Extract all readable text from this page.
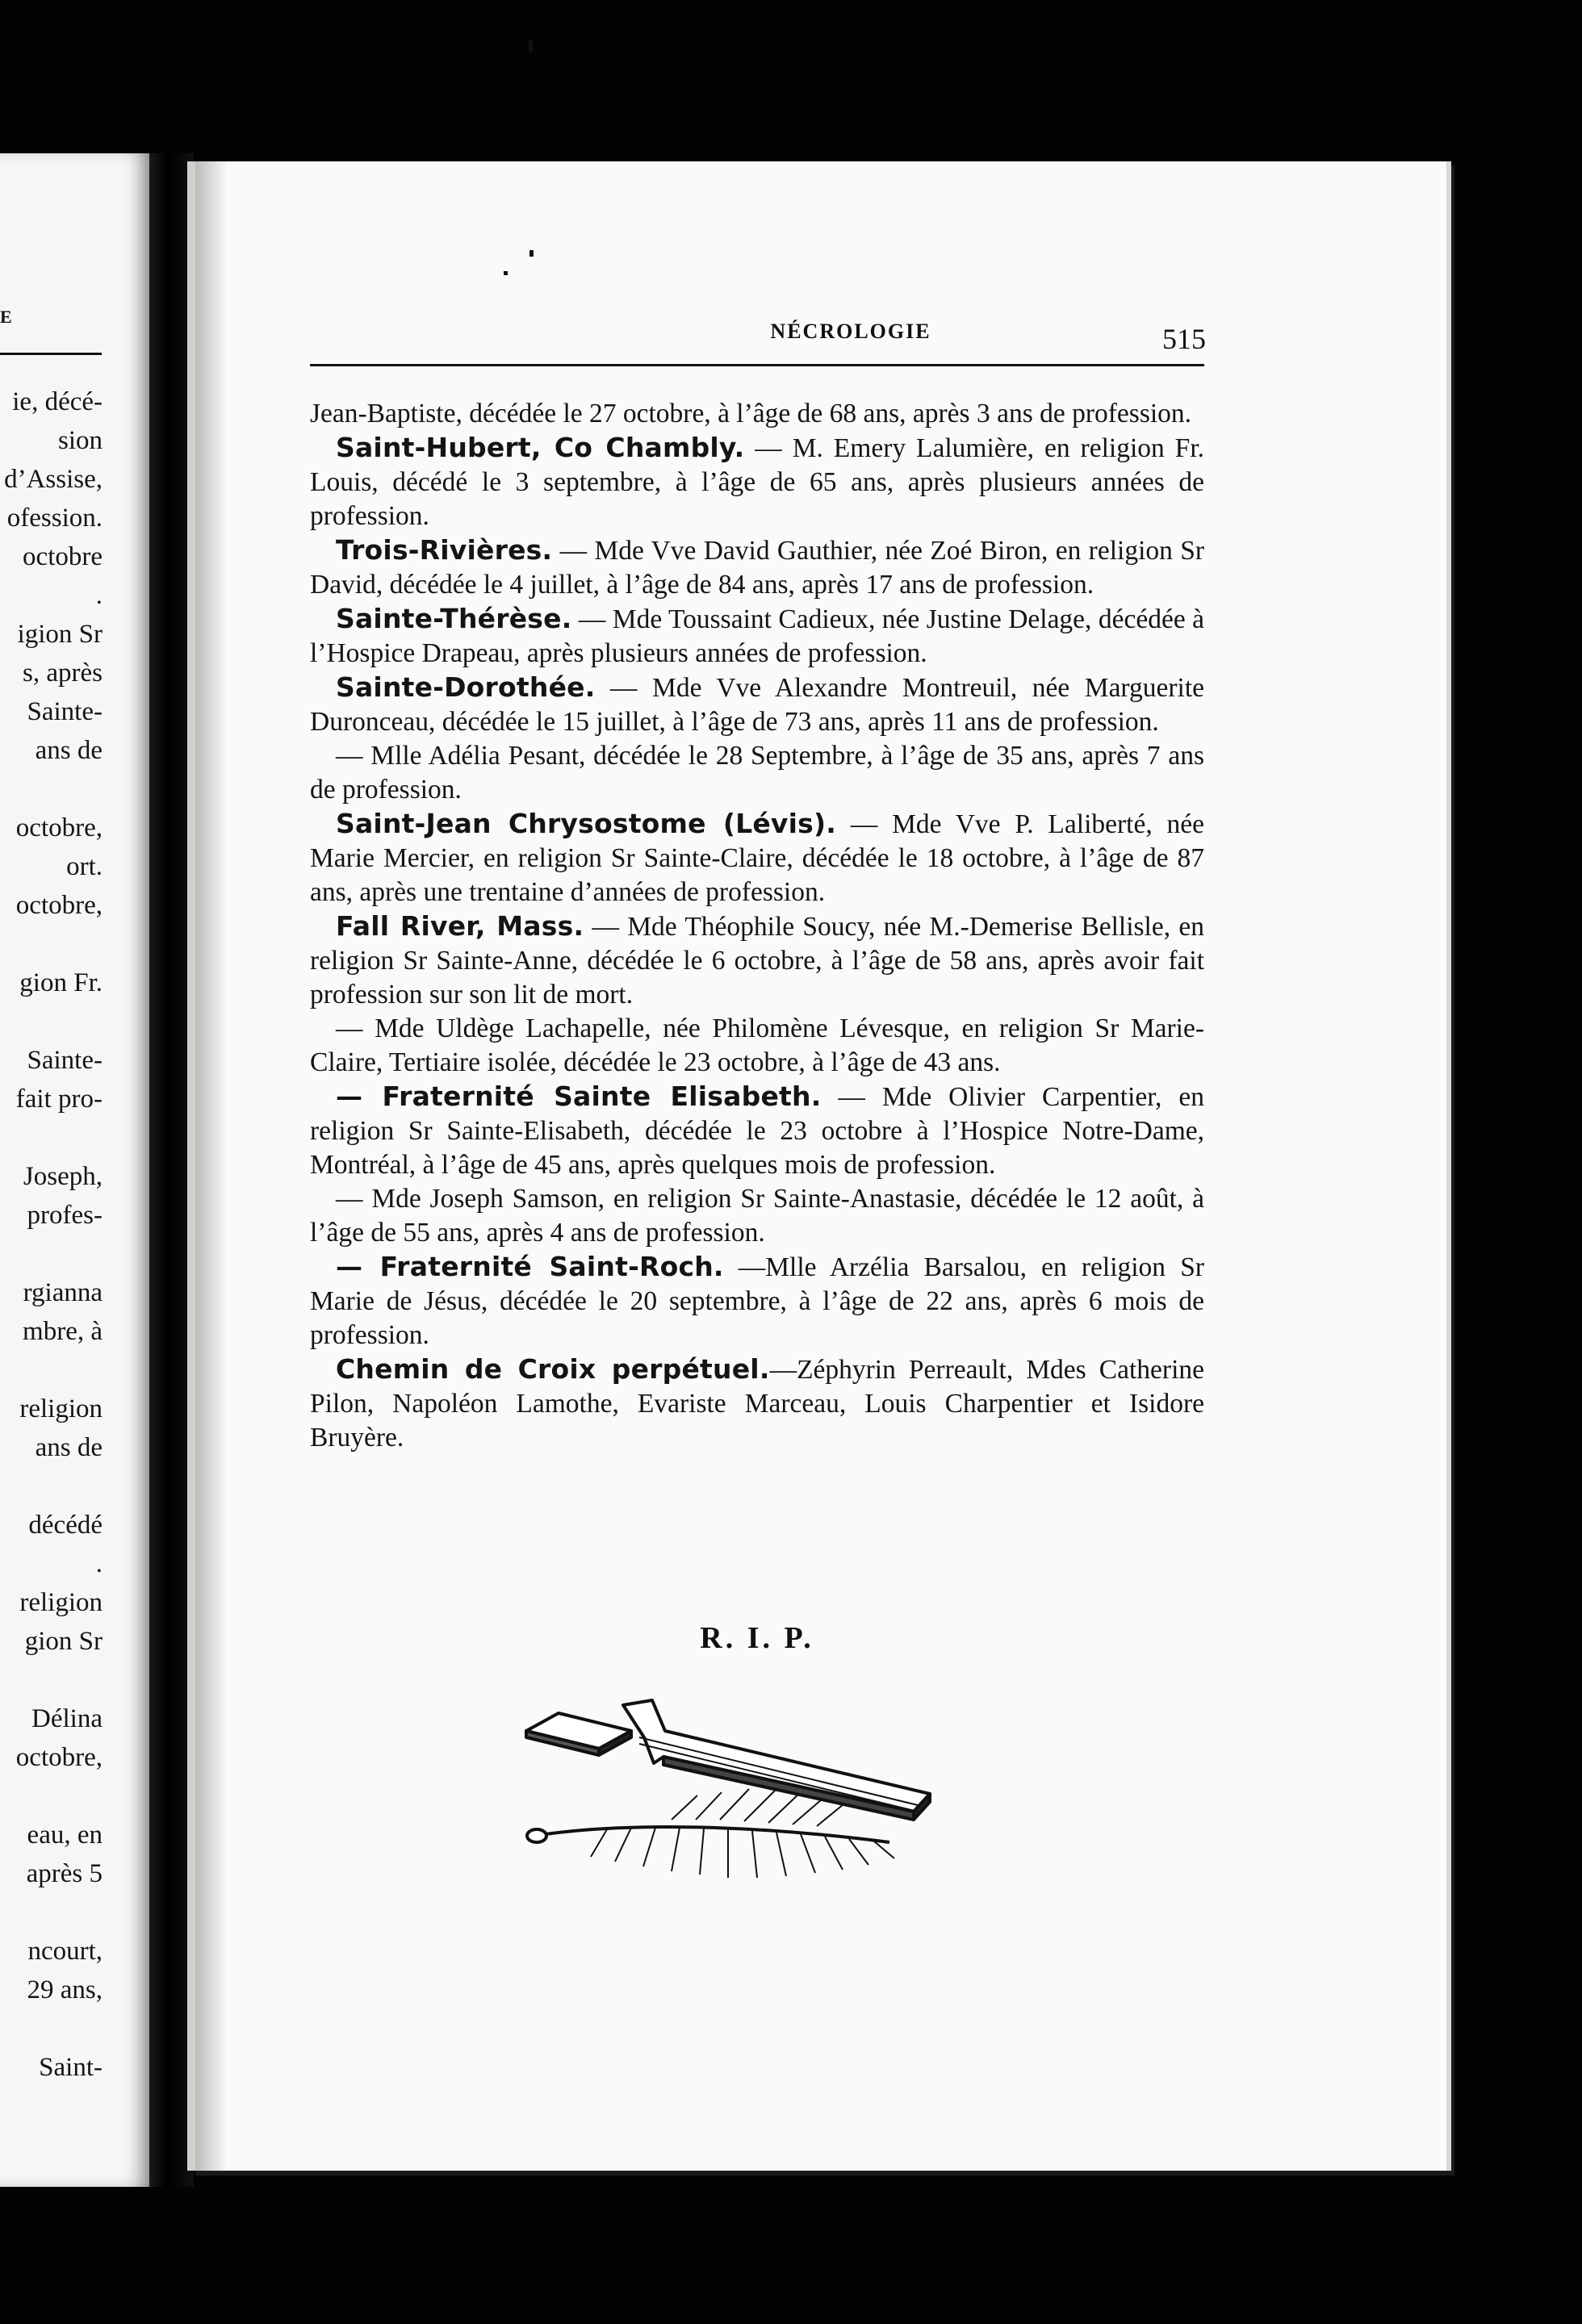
E
ie, décé-
sion
d’Assise,
ofession.
octobre
.
igion Sr
s, après
Sainte-
ans de
octobre,
ort.
octobre,
gion Fr.
Sainte-
fait pro-
Joseph,
profes-
rgianna
mbre, à
religion
ans de
décédé
.
religion
gion Sr
Délina
octobre,
eau, en
après 5
ncourt,
29 ans,
Saint-
NÉCROLOGIE	515

Jean-Baptiste, décédée le 27 octobre, à l’âge de 68 ans, après 3 ans de profession.

Saint-Hubert, Co Chambly. — M. Emery Lalumière, en religion Fr. Louis, décédé le 3 septembre, à l’âge de 65 ans, après plusieurs années de profession.

Trois-Rivières. — Mde Vve David Gauthier, née Zoé Biron, en religion Sr David, décédée le 4 juillet, à l’âge de 84 ans, après 17 ans de profession.

Sainte-Thérèse. — Mde Toussaint Cadieux, née Justine Delage, décédée à l’Hospice Drapeau, après plusieurs années de profession.

Sainte-Dorothée. — Mde Vve Alexandre Montreuil, née Marguerite Duronceau, décédée le 15 juillet, à l’âge de 73 ans, après 11 ans de profession.

— Mlle Adélia Pesant, décédée le 28 Septembre, à l’âge de 35 ans, après 7 ans de profession.

Saint-Jean Chrysostome (Lévis). — Mde Vve P. Laliberté, née Marie Mercier, en religion Sr Sainte-Claire, décédée le 18 octobre, à l’âge de 87 ans, après une trentaine d’années de profession.

Fall River, Mass. — Mde Théophile Soucy, née M.-Demerise Bellisle, en religion Sr Sainte-Anne, décédée le 6 octobre, à l’âge de 58 ans, après avoir fait profession sur son lit de mort.

— Mde Uldège Lachapelle, née Philomène Lévesque, en religion Sr Marie-Claire, Tertiaire isolée, décédée le 23 octobre, à l’âge de 43 ans.

— Fraternité Sainte Elisabeth. — Mde Olivier Carpentier, en religion Sr Sainte-Elisabeth, décédée le 23 octobre à l’Hospice Notre-Dame, Montréal, à l’âge de 45 ans, après quelques mois de profession.

— Mde Joseph Samson, en religion Sr Sainte-Anastasie, décédée le 12 août, à l’âge de 55 ans, après 4 ans de profession.

— Fraternité Saint-Roch. —Mlle Arzélia Barsalou, en religion Sr Marie de Jésus, décédée le 20 septembre, à l’âge de 22 ans, après 6 mois de profession.

Chemin de Croix perpétuel.—Zéphyrin Perreault, Mdes Catherine Pilon, Napoléon Lamothe, Evariste Marceau, Louis Charpentier et Isidore Bruyère.

R. I. P.
